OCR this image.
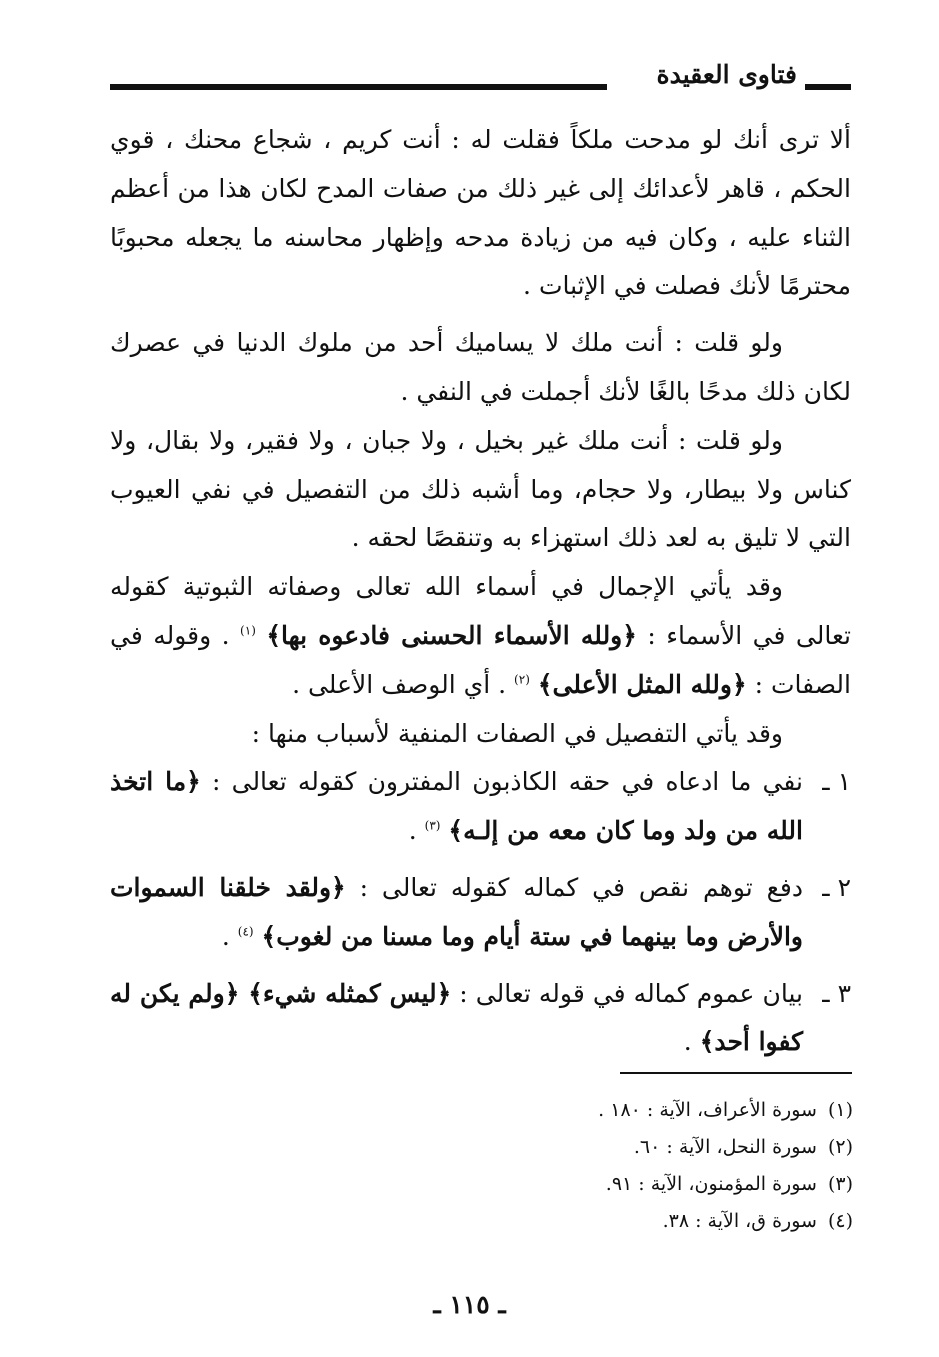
فتاوى العقيدة

ألا ترى أنك لو مدحت ملكاً فقلت له : أنت كريم ، شجاع محنك ، قوي الحكم ، قاهر لأعدائك إلى غير ذلك من صفات المدح لكان هذا من أعظم الثناء عليه ، وكان فيه من زيادة مدحه وإظهار محاسنه ما يجعله محبوبًا محترمًا لأنك فصلت في الإثبات .

ولو قلت : أنت ملك لا يساميك أحد من ملوك الدنيا في عصرك لكان ذلك مدحًا بالغًا لأنك أجملت في النفي .

ولو قلت : أنت ملك غير بخيل ، ولا جبان ، ولا فقير، ولا بقال، ولا كناس ولا بيطار، ولا حجام، وما أشبه ذلك من التفصيل في نفي العيوب التي لا تليق به لعد ذلك استهزاء به وتنقصًا لحقه .

وقد يأتي الإجمال في أسماء الله تعالى وصفاته الثبوتية كقوله تعالى في الأسماء : ﴿ولله الأسماء الحسنى فادعوه بها﴾ $^{(١)}$ . وقوله في الصفات : ﴿ولله المثل الأعلى﴾ $^{(٢)}$ . أي الوصف الأعلى .

وقد يأتي التفصيل في الصفات المنفية لأسباب منها :

١ ـ
نفي ما ادعاه في حقه الكاذبون المفترون كقوله تعالى : ﴿ما اتخذ الله من ولد وما كان معه من إلـه﴾ $^{(٣)}$ .
٢ ـ
دفع توهم نقص في كماله كقوله تعالى : ﴿ولقد خلقنا السموات والأرض وما بينهما في ستة أيام وما مسنا من لغوب﴾ $^{(٤)}$ .
٣ ـ
بيان عموم كماله في قوله تعالى : ﴿ليس كمثله شيء﴾ ﴿ولم يكن له كفوا أحد﴾ .
(١) سورة الأعراف، الآية : ١٨٠ .
(٢) سورة النحل، الآية : ٦٠.
(٣) سورة المؤمنون، الآية : ٩١.
(٤) سورة ق، الآية : ٣٨.
ـ ١١٥ ـ
